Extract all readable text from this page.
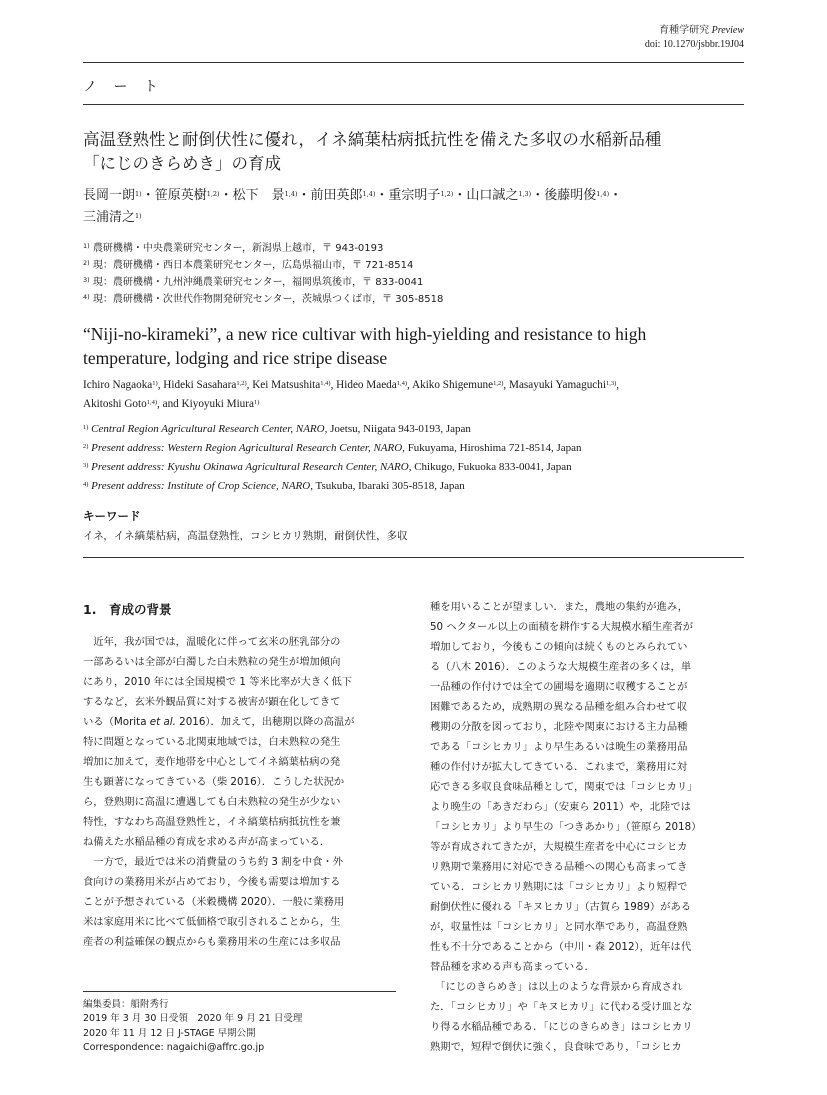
育種学研究 Preview
doi: 10.1270/jsbbr.19J04
ノ ー ト
高温登熟性と耐倒伏性に優れ，イネ縞葉枯病抵抗性を備えた多収の水稲新品種
「にじのきらめき」の育成
長岡一朗$^{1)}$・笹原英樹$^{1,2)}$・松下　景$^{1,4)}$・前田英郎$^{1,4)}$・重宗明子$^{1,2)}$・山口誠之$^{1,3)}$・後藤明俊$^{1,4)}$・
三浦清之$^{1)}$
$^{1)}$ 農研機構・中央農業研究センター，新潟県上越市，〒 943-0193
$^{2)}$ 現：農研機構・西日本農業研究センター，広島県福山市，〒 721-8514
$^{3)}$ 現：農研機構・九州沖縄農業研究センター，福岡県筑後市，〒 833-0041
$^{4)}$ 現：農研機構・次世代作物開発研究センター，茨城県つくば市，〒 305-8518
“Niji-no-kirameki”, a new rice cultivar with high-yielding and resistance to high
temperature, lodging and rice stripe disease
Ichiro Nagaoka$^{1)}$, Hideki Sasahara$^{1,2)}$, Kei Matsushita$^{1,4)}$, Hideo Maeda$^{1,4)}$, Akiko Shigemune$^{1,2)}$, Masayuki Yamaguchi$^{1,3)}$,
Akitoshi Goto$^{1,4)}$, and Kiyoyuki Miura$^{1)}$
$^{1)}$ Central Region Agricultural Research Center, NARO, Joetsu, Niigata 943-0193, Japan
$^{2)}$ Present address: Western Region Agricultural Research Center, NARO, Fukuyama, Hiroshima 721-8514, Japan
$^{3)}$ Present address: Kyushu Okinawa Agricultural Research Center, NARO, Chikugo, Fukuoka 833-0041, Japan
$^{4)}$ Present address: Institute of Crop Science, NARO, Tsukuba, Ibaraki 305-8518, Japan
キーワード
イネ，イネ縞葉枯病，高温登熟性，コシヒカリ熟期，耐倒伏性，多収
1.　育成の背景
　近年，我が国では，温暖化に伴って玄米の胚乳部分の
一部あるいは全部が白濁した白未熟粒の発生が増加傾向
にあり，2010 年には全国規模で 1 等米比率が大きく低下
するなど，玄米外観品質に対する被害が顕在化してきて
いる（Morita et al. 2016）．加えて，出穂期以降の高温が
特に問題となっている北関東地域では，白未熟粒の発生
増加に加えて，麦作地帯を中心としてイネ縞葉枯病の発
生も顕著になってきている（柴 2016）．こうした状況か
ら，登熟期に高温に遭遇しても白未熟粒の発生が少ない
特性，すなわち高温登熟性と，イネ縞葉枯病抵抗性を兼
ね備えた水稲品種の育成を求める声が高まっている．
　一方で，最近では米の消費量のうち約 3 割を中食・外
食向けの業務用米が占めており，今後も需要は増加する
ことが予想されている（米穀機構 2020）．一般に業務用
米は家庭用米に比べて低価格で取引されることから，生
産者の利益確保の観点からも業務用米の生産には多収品
種を用いることが望ましい．また，農地の集約が進み，
50 ヘクタール以上の面積を耕作する大規模水稲生産者が
増加しており，今後もこの傾向は続くものとみられてい
る（八木 2016）．このような大規模生産者の多くは，単
一品種の作付けでは全ての圃場を適期に収穫することが
困難であるため，成熟期の異なる品種を組み合わせて収
穫期の分散を図っており，北陸や関東における主力品種
である「コシヒカリ」より早生あるいは晩生の業務用品
種の作付けが拡大してきている．これまで，業務用に対
応できる多収良食味品種として，関東では「コシヒカリ」
より晩生の「あきだわら」（安東ら 2011）や，北陸では
「コシヒカリ」より早生の「つきあかり」（笹原ら 2018）
等が育成されてきたが，大規模生産者を中心にコシヒカ
リ熟期で業務用に対応できる品種への関心も高まってき
ている．コシヒカリ熟期には「コシヒカリ」より短稈で
耐倒伏性に優れる「キヌヒカリ」（古賀ら 1989）がある
が，収量性は「コシヒカリ」と同水準であり，高温登熟
性も不十分であることから（中川・森 2012），近年は代
替品種を求める声も高まっている．
　「にじのきらめき」は以上のような背景から育成され
た．「コシヒカリ」や「キヌヒカリ」に代わる受け皿とな
り得る水稲品種である．「にじのきらめき」はコシヒカリ
熟期で，短稈で倒伏に強く，良食味であり，「コシヒカ
編集委員：船附秀行
2019 年 3 月 30 日受領　2020 年 9 月 21 日受理
2020 年 11 月 12 日 J-STAGE 早期公開
Correspondence: nagaichi@affrc.go.jp
